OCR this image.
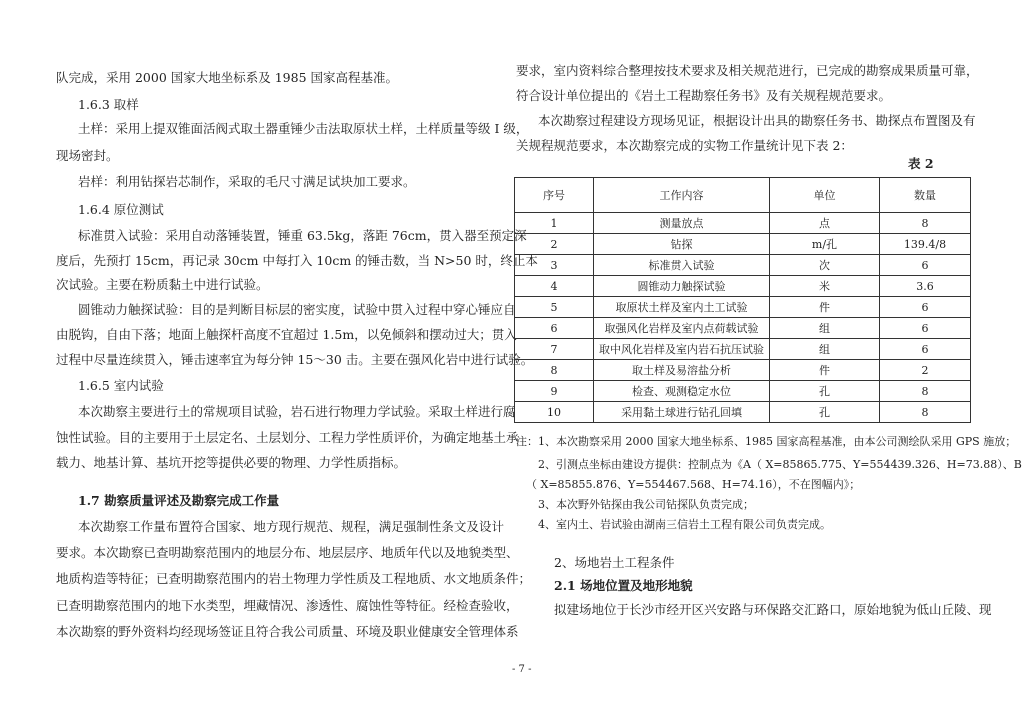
队完成，采用 2000 国家大地坐标系及 1985 国家高程基准。
1.6.3 取样
土样：采用上提双锥面活阀式取土器重锤少击法取原状土样，土样质量等级 I 级，
现场密封。
岩样：利用钻探岩芯制作，采取的毛尺寸满足试块加工要求。
1.6.4 原位测试
标准贯入试验：采用自动落锤装置，锤重 63.5kg，落距 76cm，贯入器至预定深
度后，先预打 15cm，再记录 30cm 中每打入 10cm 的锤击数，当 N>50 时，终止本
次试验。主要在粉质黏土中进行试验。
圆锥动力触探试验：目的是判断目标层的密实度，试验中贯入过程中穿心锤应自
由脱钩，自由下落；地面上触探杆高度不宜超过 1.5m，以免倾斜和摆动过大；贯入
过程中尽量连续贯入，锤击速率宜为每分钟 15～30 击。主要在强风化岩中进行试验。
1.6.5 室内试验
本次勘察主要进行土的常规项目试验，岩石进行物理力学试验。采取土样进行腐
蚀性试验。目的主要用于土层定名、土层划分、工程力学性质评价，为确定地基土承
载力、地基计算、基坑开挖等提供必要的物理、力学性质指标。
1.7 勘察质量评述及勘察完成工作量
本次勘察工作量布置符合国家、地方现行规范、规程，满足强制性条文及设计
要求。本次勘察已查明勘察范围内的地层分布、地层层序、地质年代以及地貌类型、
地质构造等特征；已查明勘察范围内的岩土物理力学性质及工程地质、水文地质条件；
已查明勘察范围内的地下水类型，埋藏情况、渗透性、腐蚀性等特征。经检查验收，
本次勘察的野外资料均经现场签证且符合我公司质量、环境及职业健康安全管理体系
要求，室内资料综合整理按技术要求及相关规范进行，已完成的勘察成果质量可靠，
符合设计单位提出的《岩土工程勘察任务书》及有关规程规范要求。
本次勘察过程建设方现场见证，根据设计出具的勘察任务书、勘探点布置图及有
关规程规范要求，本次勘察完成的实物工作量统计见下表 2：
表 2
序号	工作内容	单位	数量
1	测量放点	点	8
2	钻探	m/孔	139.4/8
3	标准贯入试验	次	6
4	圆锥动力触探试验	米	3.6
5	取原状土样及室内土工试验	件	6
6	取强风化岩样及室内点荷载试验	组	6
7	取中风化岩样及室内岩石抗压试验	组	6
8	取土样及易溶盐分析	件	2
9	检查、观测稳定水位	孔	8
10	采用黏土球进行钻孔回填	孔	8
注：1、本次勘察采用 2000 国家大地坐标系、1985 国家高程基准，由本公司测绘队采用 GPS 施放；
2、引测点坐标由建设方提供：控制点为《A（ X=85865.775、Y=554439.326、H=73.88）、B
（ X=85855.876、Y=554467.568、H=74.16），不在图幅内》；
3、本次野外钻探由我公司钻探队负责完成；
4、室内土、岩试验由湖南三信岩土工程有限公司负责完成。
2、场地岩土工程条件
2.1 场地位置及地形地貌
拟建场地位于长沙市经开区兴安路与环保路交汇路口，原始地貌为低山丘陵、现
- 7 -
